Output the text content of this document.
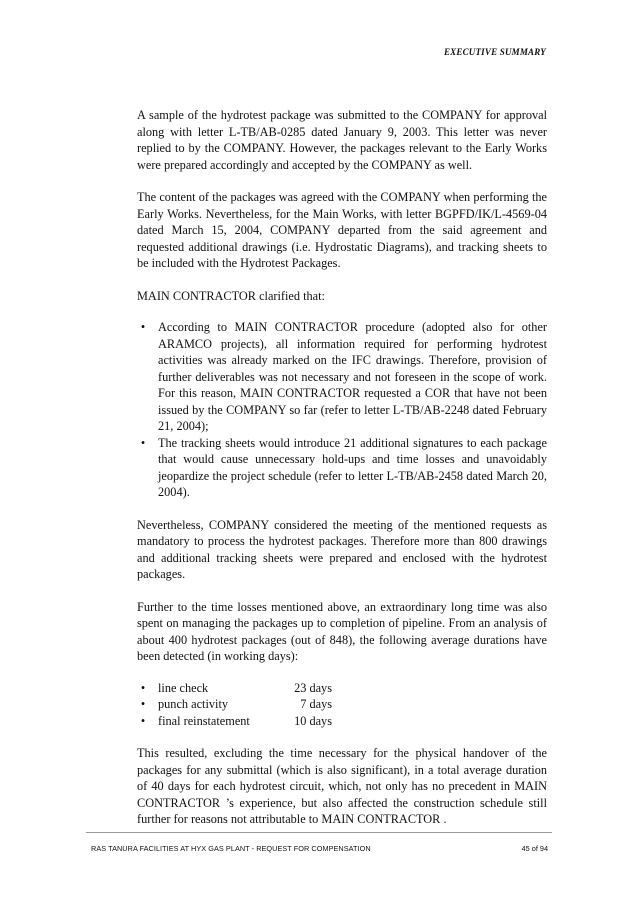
EXECUTIVE SUMMARY

A sample of the hydrotest package was submitted to the COMPANY for approval along with letter L-TB/AB-0285 dated January 9, 2003. This letter was never replied to by the COMPANY. However, the packages relevant to the Early Works were prepared accordingly and accepted by the COMPANY as well.

The content of the packages was agreed with the COMPANY when performing the Early Works. Nevertheless, for the Main Works, with letter BGPFD/IK/L-4569-04 dated March 15, 2004, COMPANY departed from the said agreement and requested additional drawings (i.e. Hydrostatic Diagrams), and tracking sheets to be included with the Hydrotest Packages.

MAIN CONTRACTOR clarified that:

•	According to MAIN CONTRACTOR procedure (adopted also for other ARAMCO projects), all information required for performing hydrotest activities was already marked on the IFC drawings. Therefore, provision of further deliverables was not necessary and not foreseen in the scope of work. For this reason, MAIN CONTRACTOR requested a COR that have not been issued by the COMPANY so far (refer to letter L-TB/AB-2248 dated February 21, 2004);
•	The tracking sheets would introduce 21 additional signatures to each package that would cause unnecessary hold-ups and time losses and unavoidably jeopardize the project schedule (refer to letter L-TB/AB-2458 dated March 20, 2004).

Nevertheless, COMPANY considered the meeting of the mentioned requests as mandatory to process the hydrotest packages. Therefore more than 800 drawings and additional tracking sheets were prepared and enclosed with the hydrotest packages.

Further to the time losses mentioned above, an extraordinary long time was also spent on managing the packages up to completion of pipeline. From an analysis of about 400 hydrotest packages (out of 848), the following average durations have been detected (in working days):

•	line check	23 days
•	punch activity	7 days
•	final reinstatement	10 days

This resulted, excluding the time necessary for the physical handover of the packages for any submittal (which is also significant), in a total average duration of 40 days for each hydrotest circuit, which, not only has no precedent in MAIN CONTRACTOR ’s experience, but also affected the construction schedule still further for reasons not attributable to MAIN CONTRACTOR .

RAS TANURA FACILITIES AT HYX GAS PLANT - REQUEST FOR COMPENSATION	45 of 94
